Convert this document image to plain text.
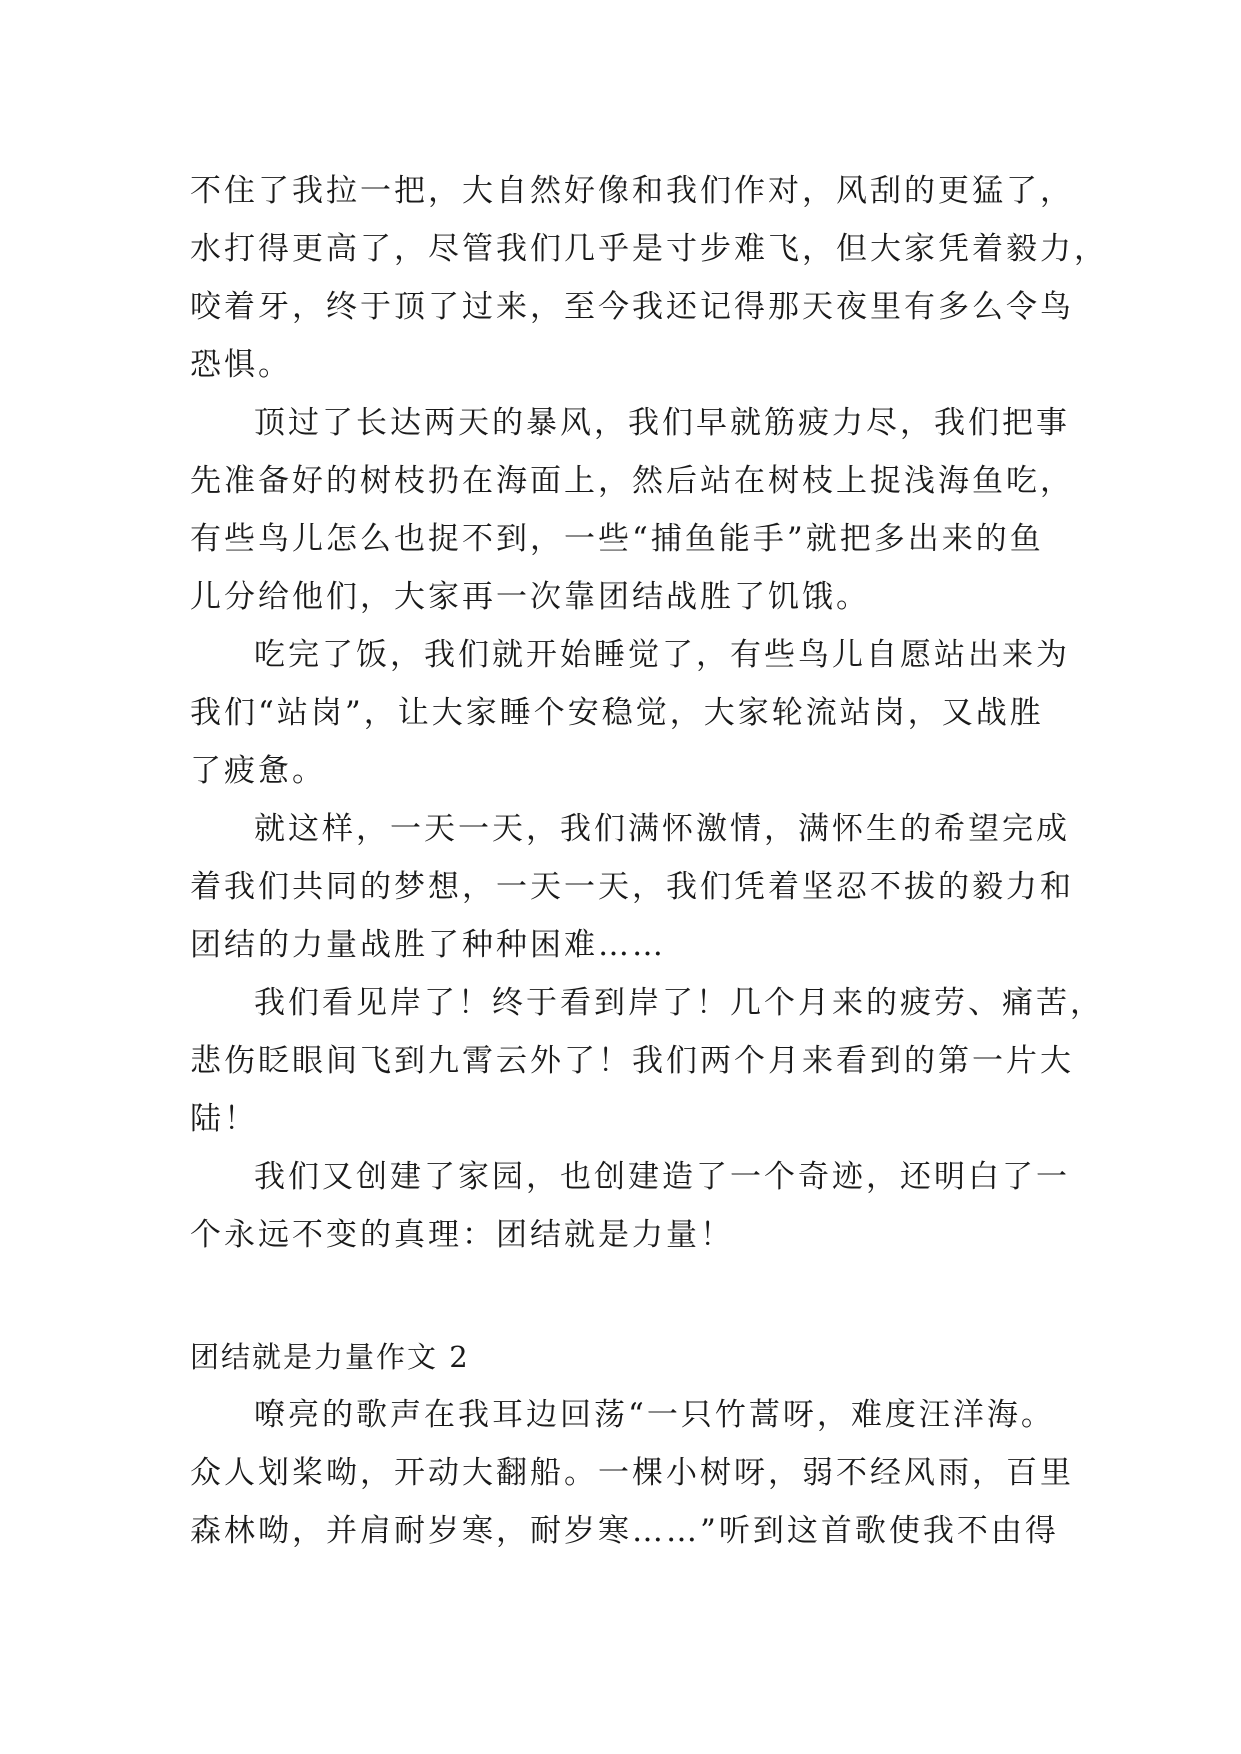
不住了我拉一把，大自然好像和我们作对，风刮的更猛了，
水打得更高了，尽管我们几乎是寸步难飞，但大家凭着毅力，
咬着牙，终于顶了过来，至今我还记得那天夜里有多么令鸟
恐惧。
顶过了长达两天的暴风，我们早就筋疲力尽，我们把事
先准备好的树枝扔在海面上，然后站在树枝上捉浅海鱼吃，
有些鸟儿怎么也捉不到，一些“捕鱼能手”就把多出来的鱼
儿分给他们，大家再一次靠团结战胜了饥饿。
吃完了饭，我们就开始睡觉了，有些鸟儿自愿站出来为
我们“站岗”，让大家睡个安稳觉，大家轮流站岗，又战胜
了疲惫。
就这样，一天一天，我们满怀激情，满怀生的希望完成
着我们共同的梦想，一天一天，我们凭着坚忍不拔的毅力和
团结的力量战胜了种种困难……
我们看见岸了！终于看到岸了！几个月来的疲劳、痛苦，
悲伤眨眼间飞到九霄云外了！我们两个月来看到的第一片大
陆！
我们又创建了家园，也创建造了一个奇迹，还明白了一
个永远不变的真理：团结就是力量！
团结就是力量作文 2
嘹亮的歌声在我耳边回荡“一只竹蒿呀，难度汪洋海。
众人划桨呦，开动大翻船。一棵小树呀，弱不经风雨，百里
森林呦，并肩耐岁寒，耐岁寒……”听到这首歌使我不由得
